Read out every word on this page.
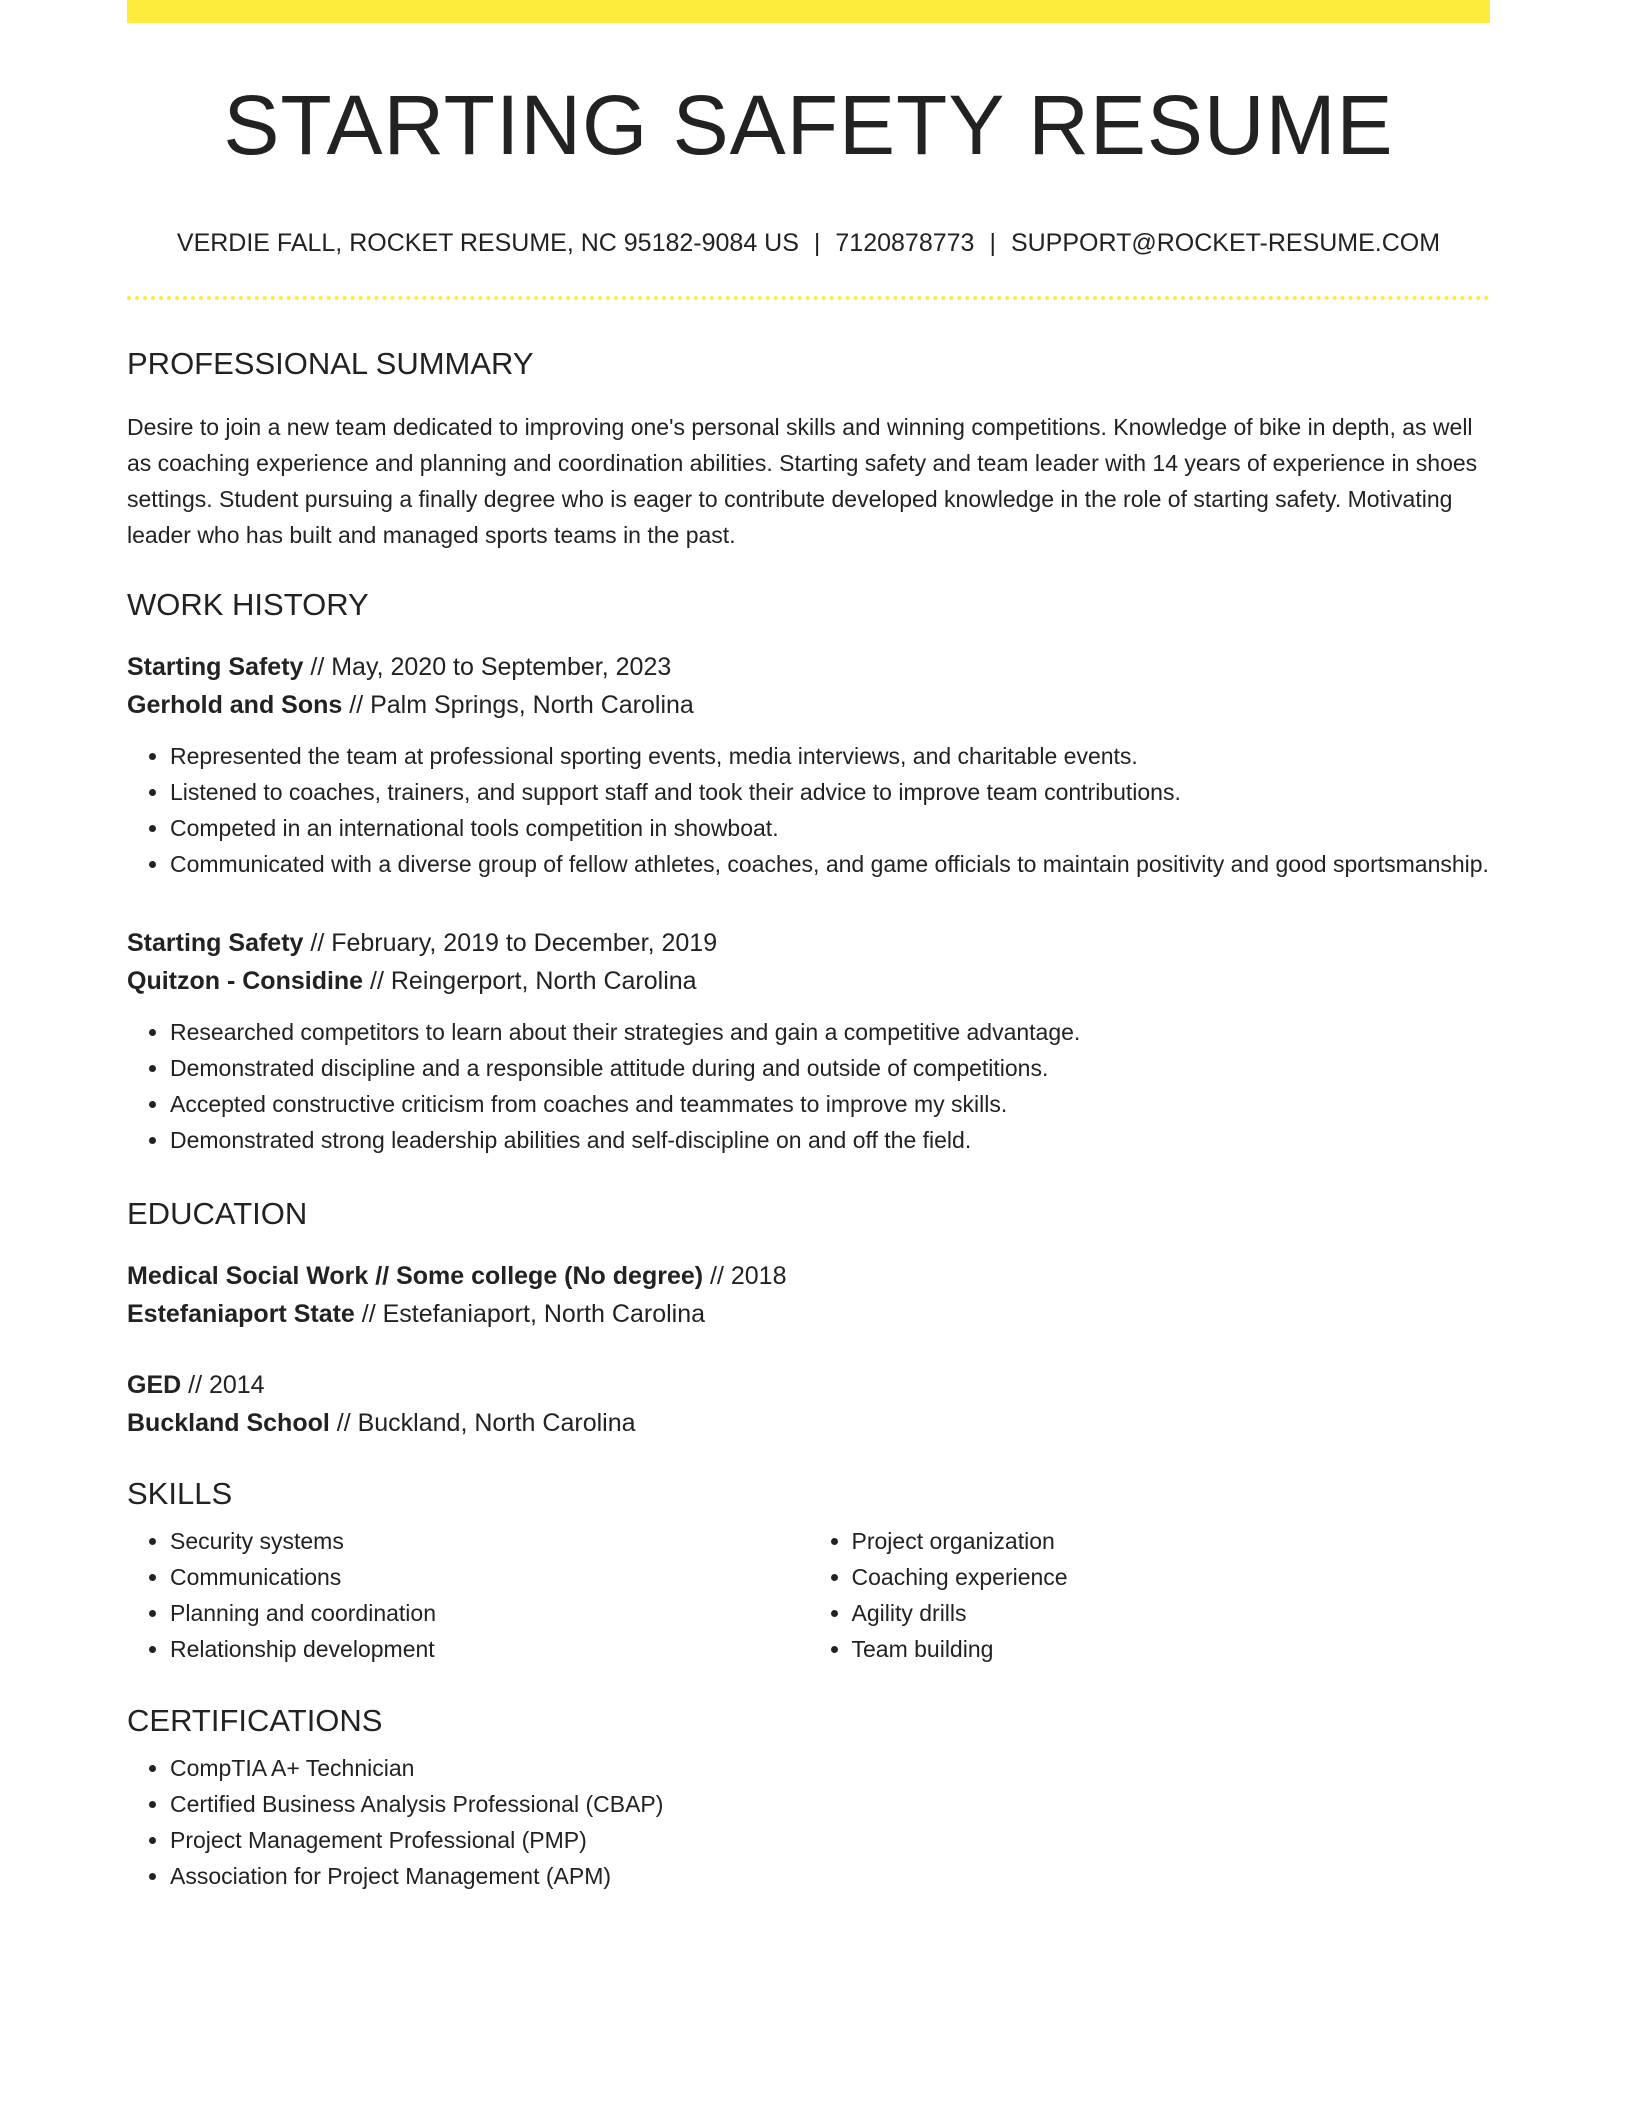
STARTING SAFETY RESUME
VERDIE FALL, ROCKET RESUME, NC 95182-9084 US | 7120878773 | SUPPORT@ROCKET-RESUME.COM
PROFESSIONAL SUMMARY

Desire to join a new team dedicated to improving one's personal skills and winning competitions. Knowledge of bike in depth, as well as coaching experience and planning and coordination abilities. Starting safety and team leader with 14 years of experience in shoes settings. Student pursuing a finally degree who is eager to contribute developed knowledge in the role of starting safety. Motivating leader who has built and managed sports teams in the past.

WORK HISTORY
Starting Safety // May, 2020 to September, 2023
Gerhold and Sons // Palm Springs, North Carolina
• Represented the team at professional sporting events, media interviews, and charitable events.
• Listened to coaches, trainers, and support staff and took their advice to improve team contributions.
• Competed in an international tools competition in showboat.
• Communicated with a diverse group of fellow athletes, coaches, and game officials to maintain positivity and good sportsmanship.
Starting Safety // February, 2019 to December, 2019
Quitzon - Considine // Reingerport, North Carolina
• Researched competitors to learn about their strategies and gain a competitive advantage.
• Demonstrated discipline and a responsible attitude during and outside of competitions.
• Accepted constructive criticism from coaches and teammates to improve my skills.
• Demonstrated strong leadership abilities and self-discipline on and off the field.
EDUCATION
Medical Social Work // Some college (No degree) // 2018
Estefaniaport State // Estefaniaport, North Carolina
GED // 2014
Buckland School // Buckland, North Carolina
SKILLS
• Security systems
• Communications
• Planning and coordination
• Relationship development
• Project organization
• Coaching experience
• Agility drills
• Team building
CERTIFICATIONS
• CompTIA A+ Technician
• Certified Business Analysis Professional (CBAP)
• Project Management Professional (PMP)
• Association for Project Management (APM)
